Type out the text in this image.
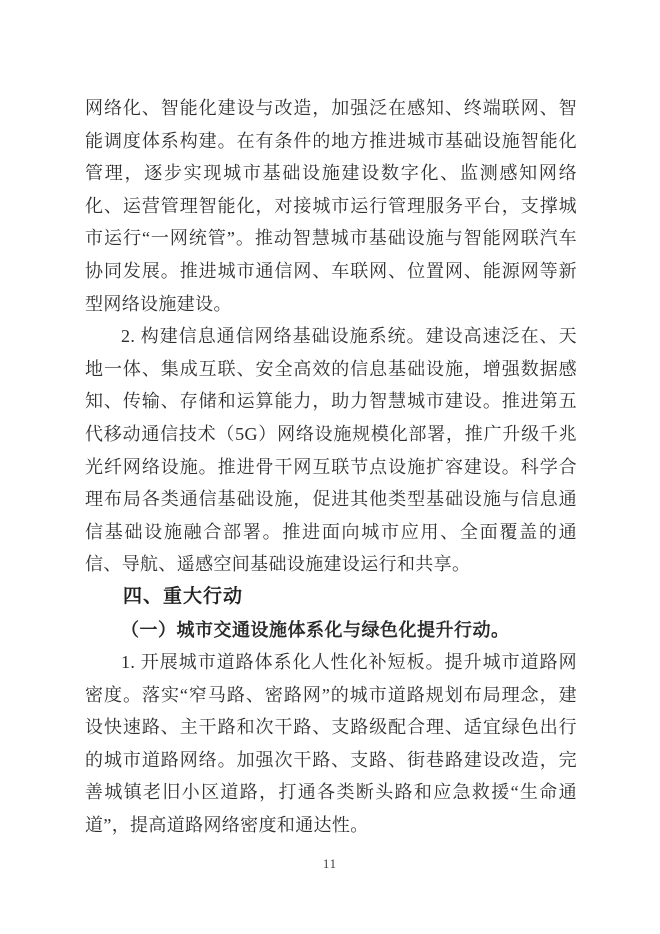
网络化、智能化建设与改造，加强泛在感知、终端联网、智能调度体系构建。在有条件的地方推进城市基础设施智能化管理，逐步实现城市基础设施建设数字化、监测感知网络化、运营管理智能化，对接城市运行管理服务平台，支撑城市运行“一网统管”。推动智慧城市基础设施与智能网联汽车协同发展。推进城市通信网、车联网、位置网、能源网等新型网络设施建设。

2. 构建信息通信网络基础设施系统。建设高速泛在、天地一体、集成互联、安全高效的信息基础设施，增强数据感知、传输、存储和运算能力，助力智慧城市建设。推进第五代移动通信技术（5G）网络设施规模化部署，推广升级千兆光纤网络设施。推进骨干网互联节点设施扩容建设。科学合理布局各类通信基础设施，促进其他类型基础设施与信息通信基础设施融合部署。推进面向城市应用、全面覆盖的通信、导航、遥感空间基础设施建设运行和共享。

四、重大行动
（一）城市交通设施体系化与绿色化提升行动。

1. 开展城市道路体系化人性化补短板。提升城市道路网密度。落实“窄马路、密路网”的城市道路规划布局理念，建设快速路、主干路和次干路、支路级配合理、适宜绿色出行的城市道路网络。加强次干路、支路、街巷路建设改造，完善城镇老旧小区道路，打通各类断头路和应急救援“生命通道”，提高道路网络密度和通达性。

11
